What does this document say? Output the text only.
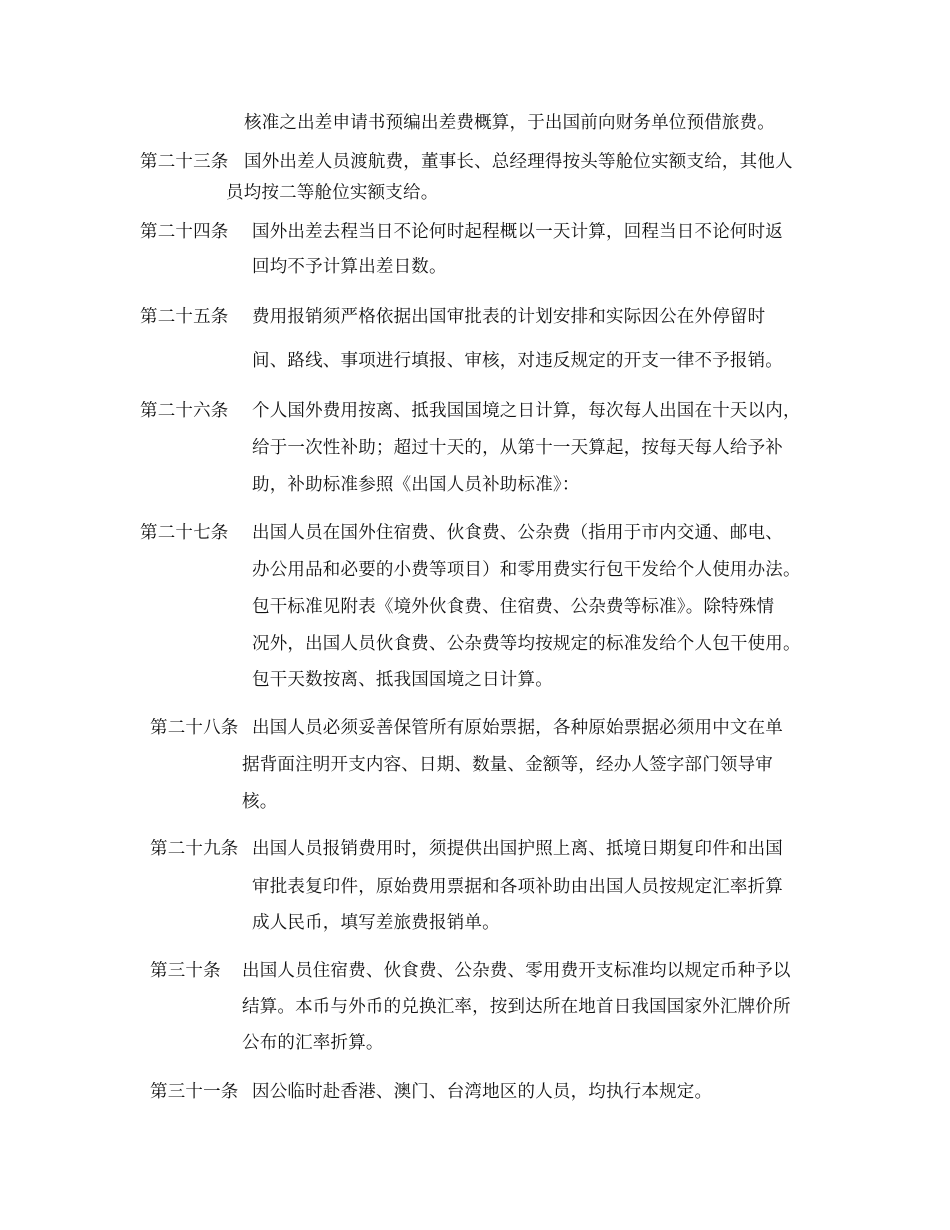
核准之出差申请书预编出差费概算，于出国前向财务单位预借旅费。
第二十三条 国外出差人员渡航费，董事长、总经理得按头等舱位实额支给，其他人
员均按二等舱位实额支给。
第二十四条 国外出差去程当日不论何时起程概以一天计算，回程当日不论何时返
回均不予计算出差日数。
第二十五条 费用报销须严格依据出国审批表的计划安排和实际因公在外停留时
间、路线、事项进行填报、审核，对违反规定的开支一律不予报销。
第二十六条 个人国外费用按离、抵我国国境之日计算，每次每人出国在十天以内，
给于一次性补助；超过十天的，从第十一天算起，按每天每人给予补
助，补助标准参照《出国人员补助标准》：
第二十七条 出国人员在国外住宿费、伙食费、公杂费（指用于市内交通、邮电、
办公用品和必要的小费等项目）和零用费实行包干发给个人使用办法。
包干标准见附表《境外伙食费、住宿费、公杂费等标准》。除特殊情
况外，出国人员伙食费、公杂费等均按规定的标准发给个人包干使用。
包干天数按离、抵我国国境之日计算。
第二十八条 出国人员必须妥善保管所有原始票据，各种原始票据必须用中文在单
据背面注明开支内容、日期、数量、金额等，经办人签字部门领导审
核。
第二十九条 出国人员报销费用时，须提供出国护照上离、抵境日期复印件和出国
审批表复印件，原始费用票据和各项补助由出国人员按规定汇率折算
成人民币，填写差旅费报销单。
第三十条 出国人员住宿费、伙食费、公杂费、零用费开支标准均以规定币种予以
结算。本币与外币的兑换汇率，按到达所在地首日我国国家外汇牌价所
公布的汇率折算。
第三十一条 因公临时赴香港、澳门、台湾地区的人员，均执行本规定。
